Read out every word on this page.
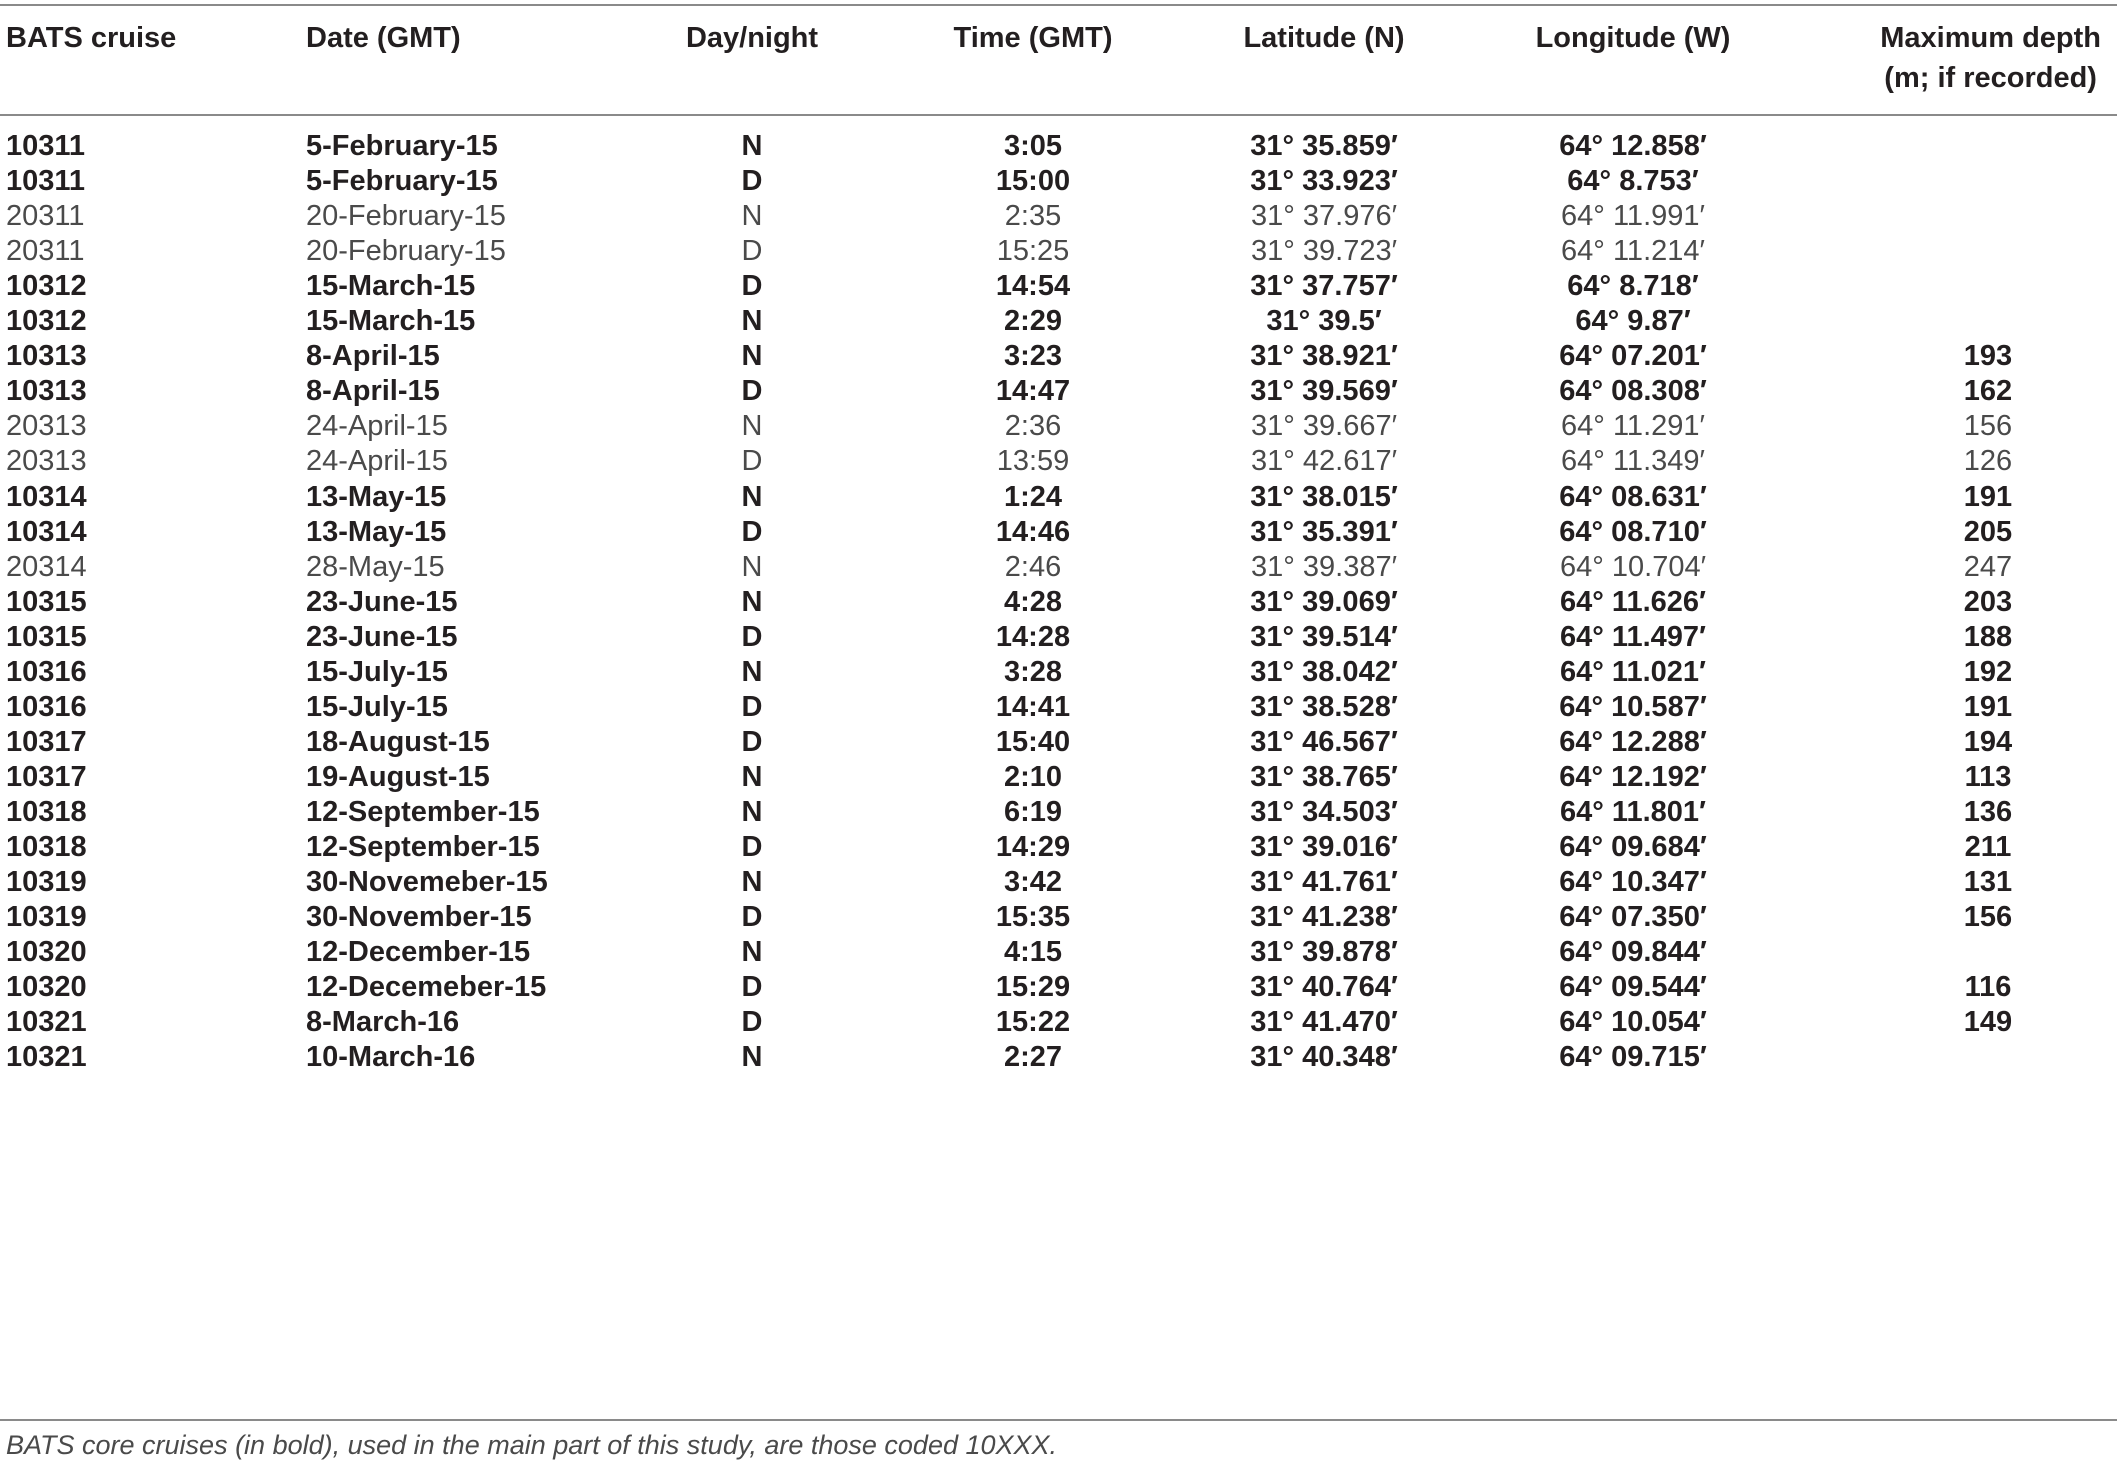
BATS cruise	Date (GMT)	Day/night	Time (GMT)	Latitude (N)	Longitude (W)	Maximum depth
(m; if recorded)
10311	5-February-15	N	3:05	31° 35.859′	64° 12.858′
10311	5-February-15	D	15:00	31° 33.923′	64° 8.753′
20311	20-February-15	N	2:35	31° 37.976′	64° 11.991′
20311	20-February-15	D	15:25	31° 39.723′	64° 11.214′
10312	15-March-15	D	14:54	31° 37.757′	64° 8.718′
10312	15-March-15	N	2:29	31° 39.5′	64° 9.87′
10313	8-April-15	N	3:23	31° 38.921′	64° 07.201′	193
10313	8-April-15	D	14:47	31° 39.569′	64° 08.308′	162
20313	24-April-15	N	2:36	31° 39.667′	64° 11.291′	156
20313	24-April-15	D	13:59	31° 42.617′	64° 11.349′	126
10314	13-May-15	N	1:24	31° 38.015′	64° 08.631′	191
10314	13-May-15	D	14:46	31° 35.391′	64° 08.710′	205
20314	28-May-15	N	2:46	31° 39.387′	64° 10.704′	247
10315	23-June-15	N	4:28	31° 39.069′	64° 11.626′	203
10315	23-June-15	D	14:28	31° 39.514′	64° 11.497′	188
10316	15-July-15	N	3:28	31° 38.042′	64° 11.021′	192
10316	15-July-15	D	14:41	31° 38.528′	64° 10.587′	191
10317	18-August-15	D	15:40	31° 46.567′	64° 12.288′	194
10317	19-August-15	N	2:10	31° 38.765′	64° 12.192′	113
10318	12-September-15	N	6:19	31° 34.503′	64° 11.801′	136
10318	12-September-15	D	14:29	31° 39.016′	64° 09.684′	211
10319	30-Novemeber-15	N	3:42	31° 41.761′	64° 10.347′	131
10319	30-November-15	D	15:35	31° 41.238′	64° 07.350′	156
10320	12-December-15	N	4:15	31° 39.878′	64° 09.844′
10320	12-Decemeber-15	D	15:29	31° 40.764′	64° 09.544′	116
10321	8-March-16	D	15:22	31° 41.470′	64° 10.054′	149
10321	10-March-16	N	2:27	31° 40.348′	64° 09.715′
BATS core cruises (in bold), used in the main part of this study, are those coded 10XXX.
